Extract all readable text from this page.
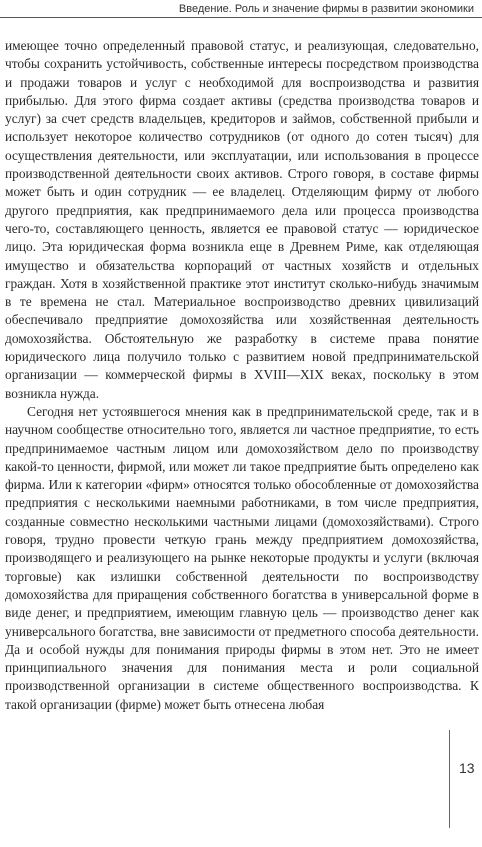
Введение. Роль и значение фирмы в развитии экономики

имеющее точно определенный правовой статус, и реализующая, следовательно, чтобы сохранить устойчивость, собственные интересы посредством производства и продажи товаров и услуг с необходимой для воспроизводства и развития прибылью. Для этого фирма создает активы (средства производства товаров и услуг) за счет средств владельцев, кредиторов и займов, собственной прибыли и использует некоторое количество сотрудников (от одного до сотен тысяч) для осуществления деятельности, или эксплуатации, или использования в процессе производственной деятельности своих активов. Строго говоря, в составе фирмы может быть и один сотрудник — ее владелец. Отделяющим фирму от любого другого предприятия, как предпринимаемого дела или процесса производства чего-то, составляющего ценность, является ее правовой статус — юридическое лицо. Эта юридическая форма возникла еще в Древнем Риме, как отделяющая имущество и обязательства корпораций от частных хозяйств и отдельных граждан. Хотя в хозяйственной практике этот институт сколько-нибудь значимым в те времена не стал. Материальное воспроизводство древних цивилизаций обеспечивало предприятие домохозяйства или хозяйственная деятельность домохозяйства. Обстоятельную же разработку в системе права понятие юридического лица получило только с развитием новой предпринимательской организации — коммерческой фирмы в XVIII—XIX веках, поскольку в этом возникла нужда.

Сегодня нет устоявшегося мнения как в предпринимательской среде, так и в научном сообществе относительно того, является ли частное предприятие, то есть предпринимаемое частным лицом или домохозяйством дело по производству какой-то ценности, фирмой, или может ли такое предприятие быть определено как фирма. Или к категории «фирм» относятся только обособленные от домохозяйства предприятия с несколькими наемными работниками, в том числе предприятия, созданные совместно несколькими частными лицами (домохозяйствами). Строго говоря, трудно провести четкую грань между предприятием домохозяйства, производящего и реализующего на рынке некоторые продукты и услуги (включая торговые) как излишки собственной деятельности по воспроизводству домохозяйства для приращения собственного богатства в универсальной форме в виде денег, и предприятием, имеющим главную цель — производство денег как универсального богатства, вне зависимости от предметного способа деятельности. Да и особой нужды для понимания природы фирмы в этом нет. Это не имеет принципиального значения для понимания места и роли социальной производственной организации в системе общественного воспроизводства. К такой организации (фирме) может быть отнесена любая

13
